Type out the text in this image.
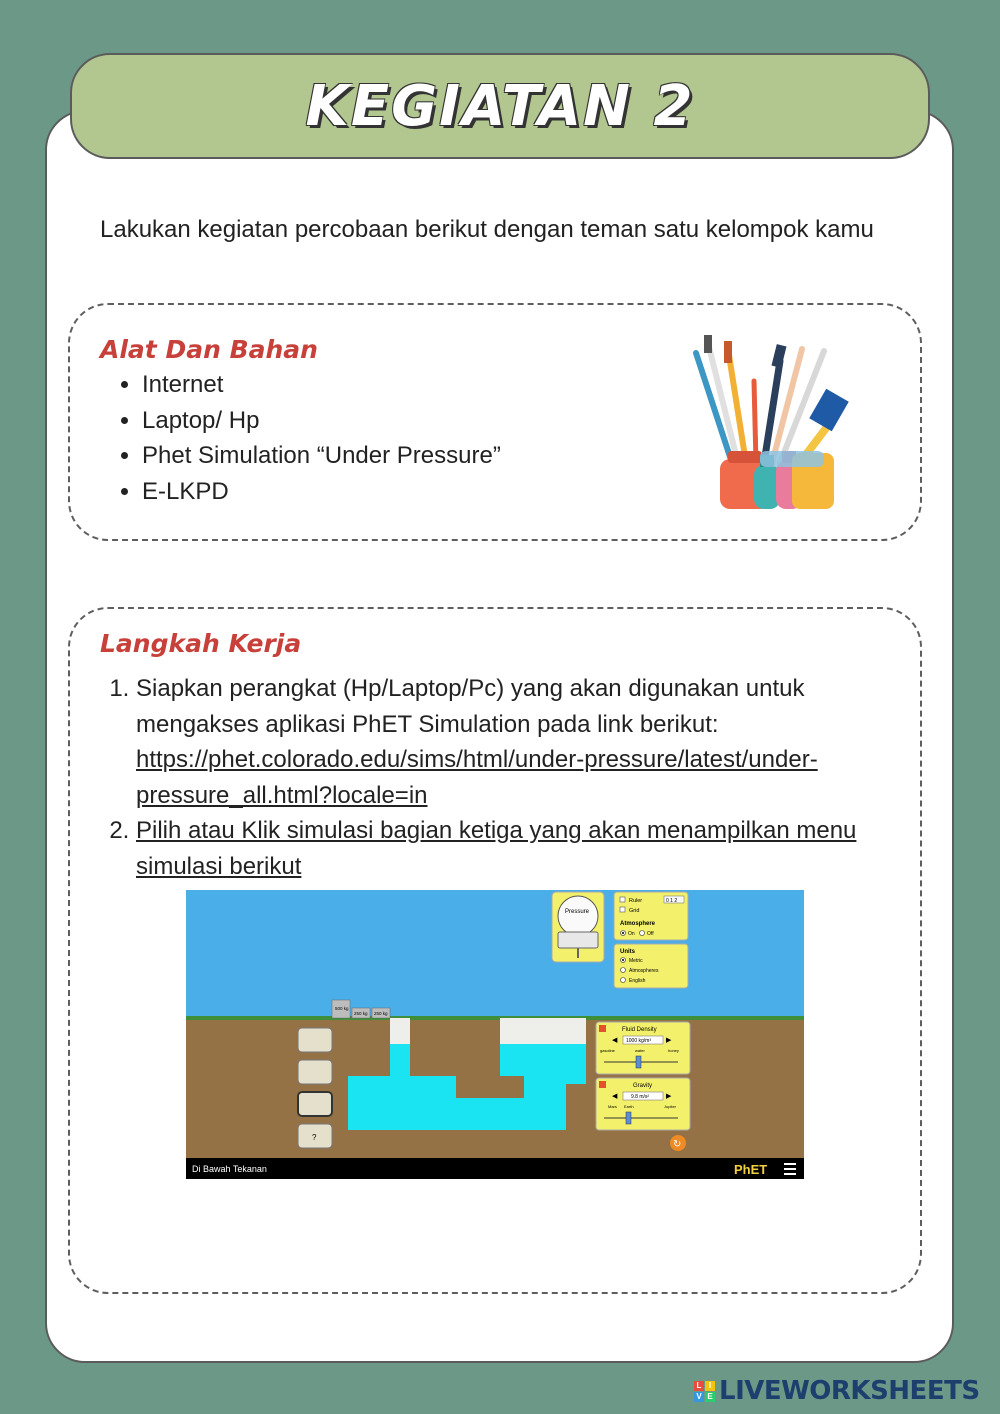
KEGIATAN 2

Lakukan kegiatan percobaan berikut dengan teman satu kelompok kamu

Alat Dan Bahan
• Internet
• Laptop/ Hp
• Phet Simulation “Under Pressure”
• E-LKPD
Langkah Kerja
1. Siapkan perangkat (Hp/Laptop/Pc) yang akan digunakan untuk mengakses aplikasi PhET Simulation pada link berikut: https://phet.colorado.edu/sims/html/under-pressure/latest/under-pressure_all.html?locale=in
2. Pilih atau Klik simulasi bagian ketiga yang akan menampilkan menu simulasi berikut
500 kg
250 kg 250 kg
?
Pressure
Ruler	0 1 2
Grid
Atmosphere
On Off
Units
Metric
Atmospheres
English
Fluid Density
◀ 1000 kg/m³ ▶
gasoline	water	honey
Gravity
◀	9.8 m/s² ▶
Mars Earth	Jupiter
↻
Di Bawah Tekanan	PhET
L I
V E LIVEWORKSHEETS
